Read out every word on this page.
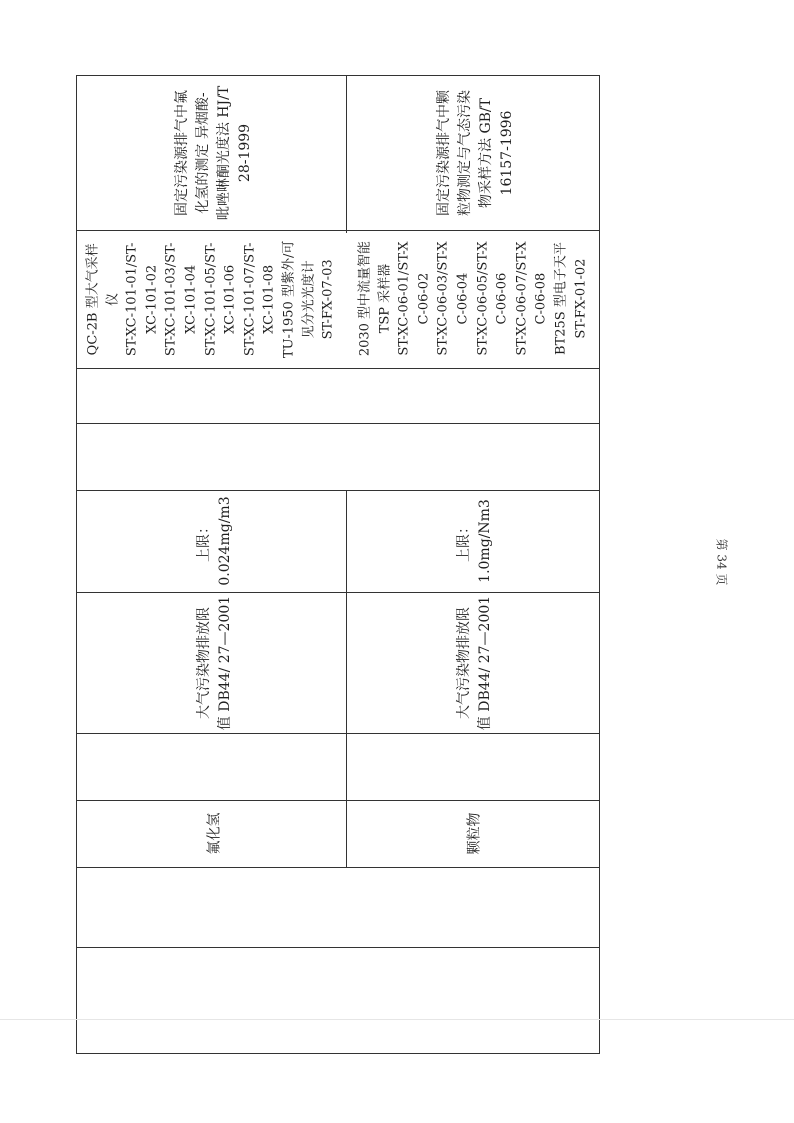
固定污染源排气中氟 化氢的测定 异烟酸- 吡唑啉酮光度法 HJ/T 28-1999
QC-2B 型大气采样 仪 ST-XC-101-01/ST- XC-101-02 ST-XC-101-03/ST- XC-101-04 ST-XC-101-05/ST- XC-101-06 ST-XC-101-07/ST- XC-101-08 TU-1950 型紫外/可 见分光光度计 ST-FX-07-03
上限： 0.024mg/m3
大气污染物排放限 值 DB44/ 27—2001
氟化氢
固定污染源排气中颗 粒物测定与气态污染 物采样方法 GB/T 16157-1996
2030 型中流量智能 TSP 采样器 ST-XC-06-01/ST-X C-06-02 ST-XC-06-03/ST-X C-06-04 ST-XC-06-05/ST-X C-06-06 ST-XC-06-07/ST-X C-06-08 BT25S 型电子天平 ST-FX-01-02
上限： 1.0mg/Nm3
大气污染物排放限 值 DB44/ 27—2001
颗粒物
第 34 页
